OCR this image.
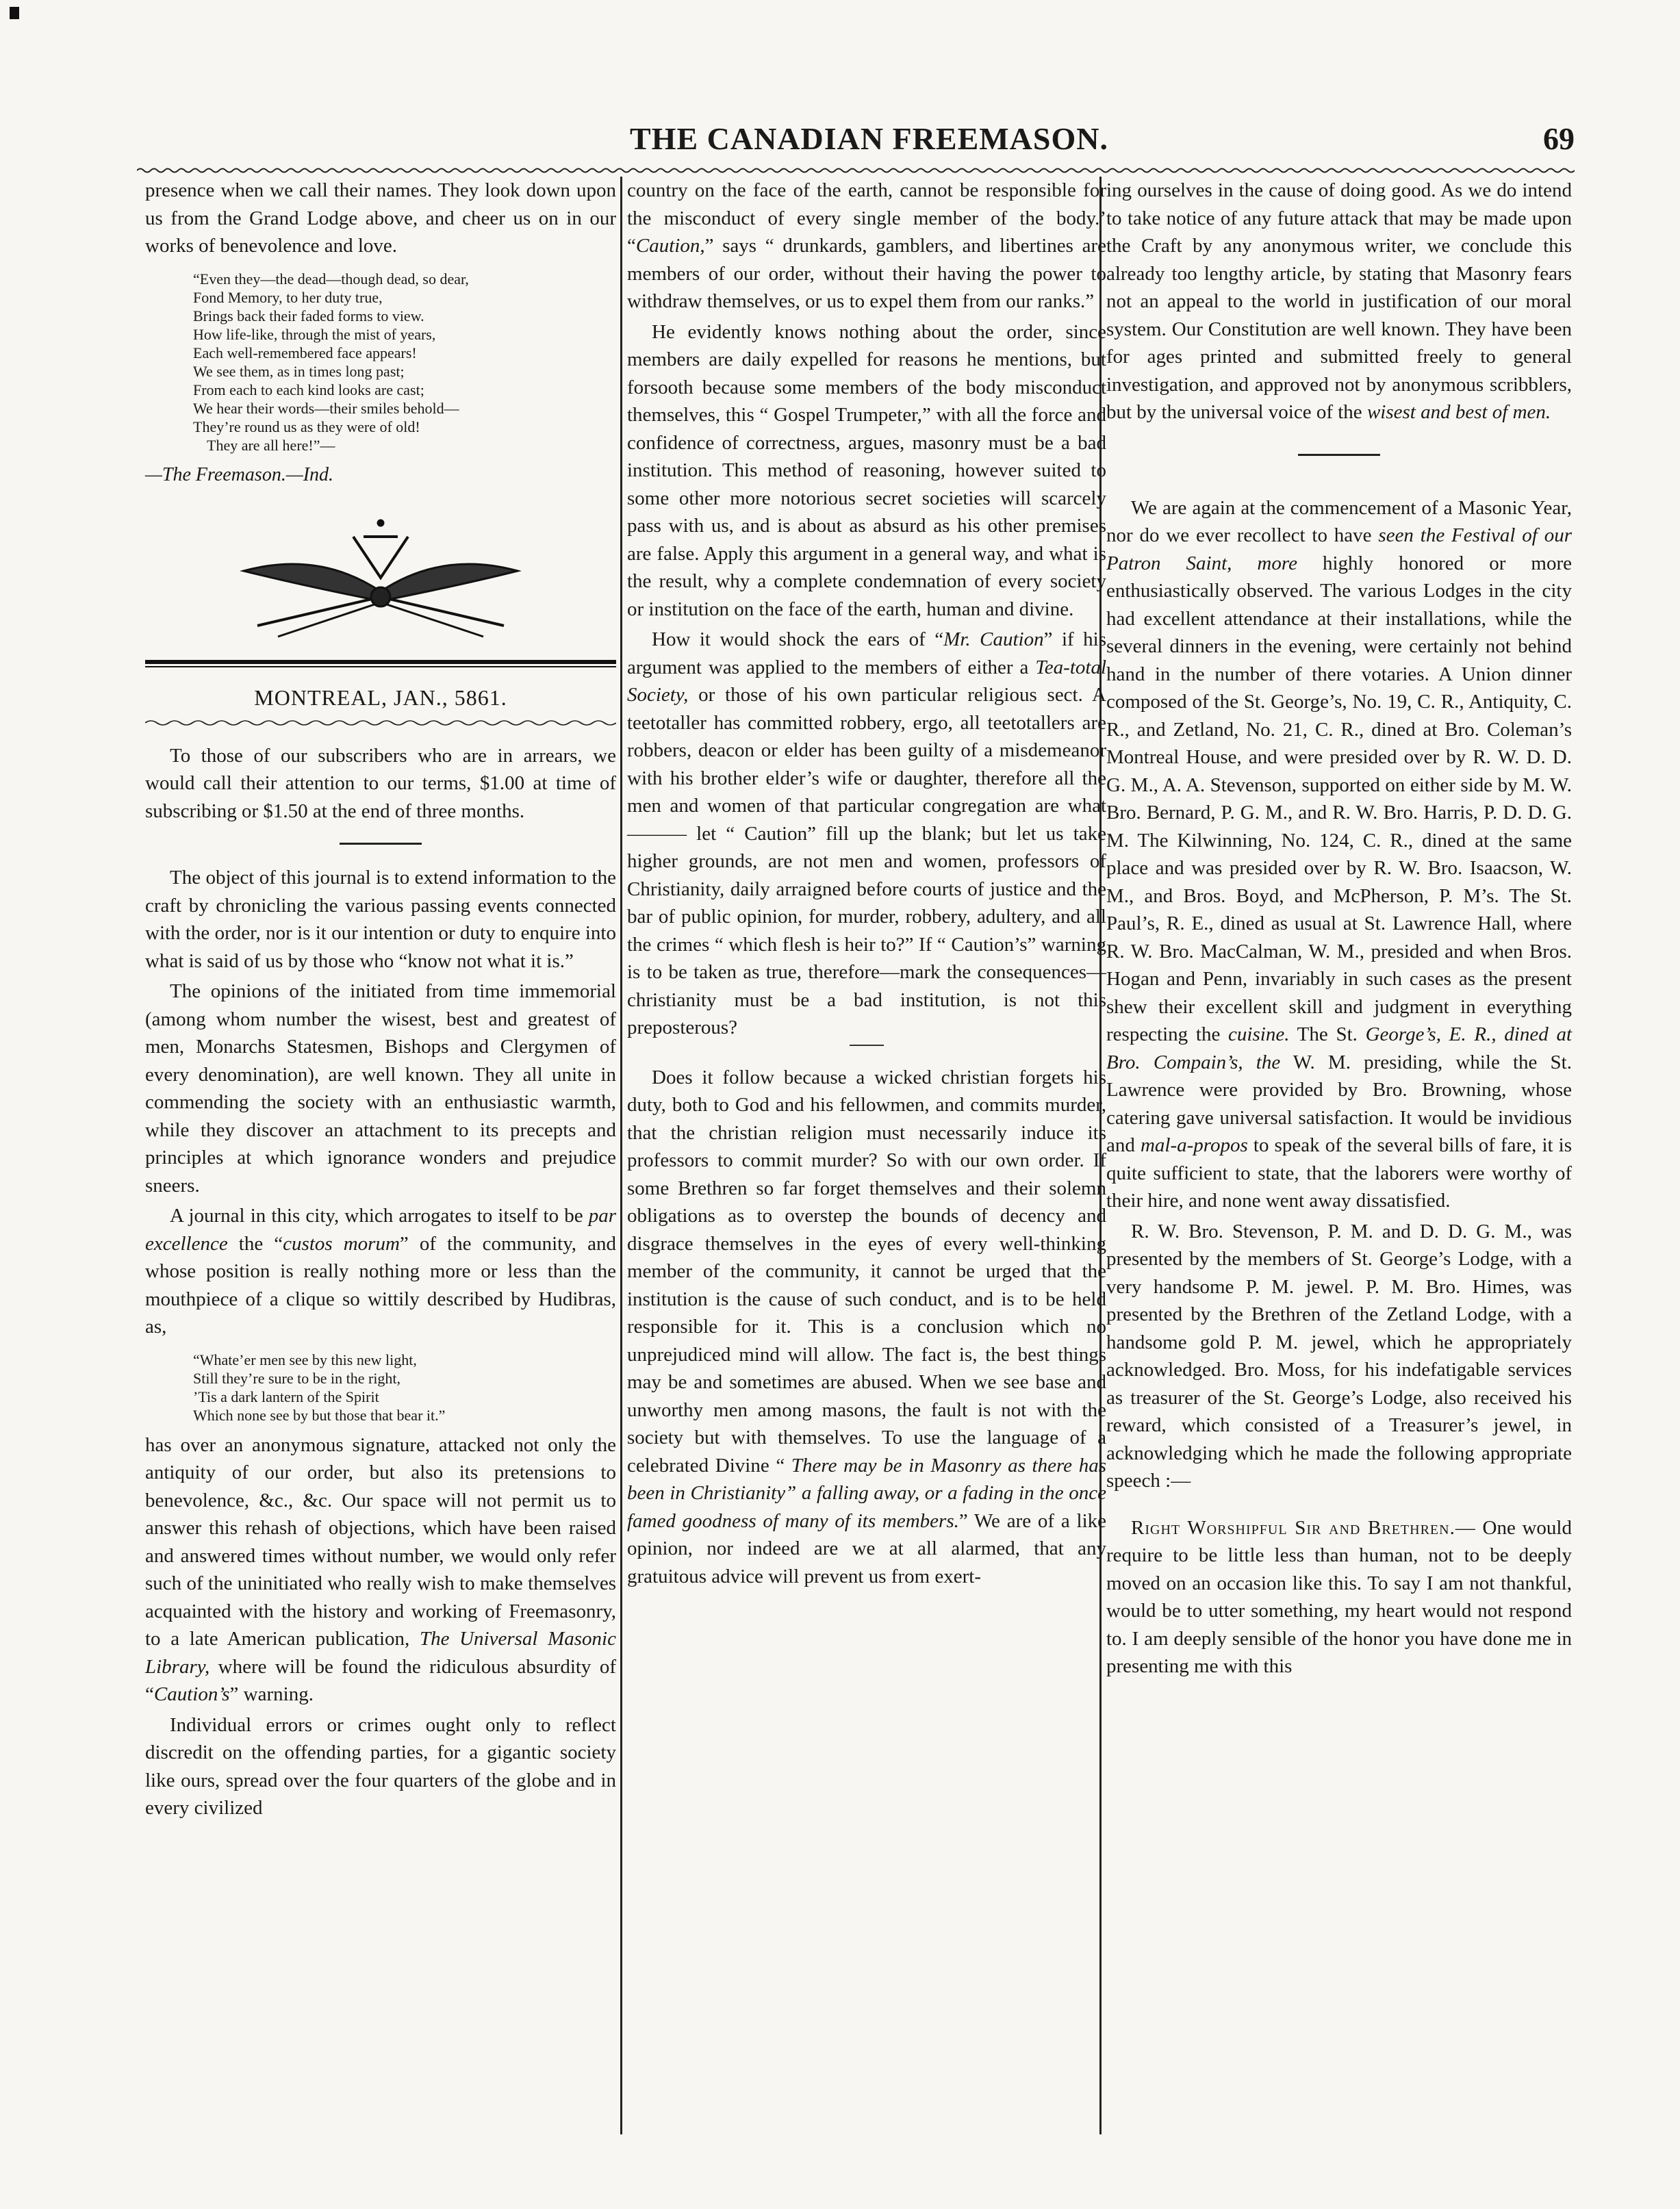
THE CANADIAN FREEMASON.	69

presence when we call their names. They look down upon us from the Grand Lodge above, and cheer us on in our works of benevolence and love.

“Even they—the dead—though dead, so dear,
Fond Memory, to her duty true,
Brings back their faded forms to view.
How life-like, through the mist of years,
Each well-remembered face appears!
We see them, as in times long past;
From each to each kind looks are cast;
We hear their words—their smiles behold—
They’re round us as they were of old!
They are all here!”—
—The Freemason.—Ind.
MONTREAL, JAN., 5861.

To those of our subscribers who are in arrears, we would call their attention to our terms, $1.00 at time of subscribing or $1.50 at the end of three months.

The object of this journal is to extend information to the craft by chronicling the various passing events connected with the order, nor is it our intention or duty to enquire into what is said of us by those who “know not what it is.”

The opinions of the initiated from time immemorial (among whom number the wisest, best and greatest of men, Monarchs Statesmen, Bishops and Clergymen of every denomination), are well known. They all unite in commending the society with an enthusiastic warmth, while they discover an attachment to its precepts and principles at which ignorance wonders and prejudice sneers.

A journal in this city, which arrogates to itself to be par excellence the “custos morum” of the community, and whose position is really nothing more or less than the mouthpiece of a clique so wittily described by Hudibras, as,

“Whate’er men see by this new light,
Still they’re sure to be in the right,
’Tis a dark lantern of the Spirit
Which none see by but those that bear it.”

has over an anonymous signature, attacked not only the antiquity of our order, but also its pretensions to benevolence, &c., &c. Our space will not permit us to answer this rehash of objections, which have been raised and answered times without number, we would only refer such of the uninitiated who really wish to make themselves acquainted with the history and working of Freemasonry, to a late American publication, The Universal Masonic Library, where will be found the ridiculous absurdity of “Caution’s” warning.

Individual errors or crimes ought only to reflect discredit on the offending parties, for a gigantic society like ours, spread over the four quarters of the globe and in every civilized

country on the face of the earth, cannot be responsible for the misconduct of every single member of the body.’ “Caution,” says “ drunkards, gamblers, and libertines are members of our order, without their having the power to withdraw themselves, or us to expel them from our ranks.”

He evidently knows nothing about the order, since members are daily expelled for reasons he mentions, but forsooth because some members of the body misconduct themselves, this “ Gospel Trumpeter,” with all the force and confidence of correctness, argues, masonry must be a bad institution. This method of reasoning, however suited to some other more notorious secret societies will scarcely pass with us, and is about as absurd as his other premises are false. Apply this argument in a general way, and what is the result, why a complete condemnation of every society or institution on the face of the earth, human and divine.

How it would shock the ears of “Mr. Caution” if his argument was applied to the members of either a Tea-total Society, or those of his own particular religious sect. A teetotaller has committed robbery, ergo, all teetotallers are robbers, deacon or elder has been guilty of a misdemeanor with his brother elder’s wife or daughter, therefore all the men and women of that particular congregation are what ——— let “ Caution” fill up the blank; but let us take higher grounds, are not men and women, professors of Christianity, daily arraigned before courts of justice and the bar of public opinion, for murder, robbery, adultery, and all the crimes “ which flesh is heir to?” If “ Caution’s” warning is to be taken as true, therefore—mark the consequences—christianity must be a bad institution, is not this preposterous?

Does it follow because a wicked christian forgets his duty, both to God and his fellowmen, and commits murder, that the christian religion must necessarily induce its professors to commit murder? So with our own order. If some Brethren so far forget themselves and their solemn obligations as to overstep the bounds of decency and disgrace themselves in the eyes of every well-thinking member of the community, it cannot be urged that the institution is the cause of such conduct, and is to be held responsible for it. This is a conclusion which no unprejudiced mind will allow. The fact is, the best things may be and sometimes are abused. When we see base and unworthy men among masons, the fault is not with the society but with themselves. To use the language of a celebrated Divine “ There may be in Masonry as there has been in Christianity” a falling away, or a fading in the once famed goodness of many of its members.” We are of a like opinion, nor indeed are we at all alarmed, that any gratuitous advice will prevent us from exert-

ing ourselves in the cause of doing good. As we do intend to take notice of any future attack that may be made upon the Craft by any anonymous writer, we conclude this already too lengthy article, by stating that Masonry fears not an appeal to the world in justification of our moral system. Our Constitution are well known. They have been for ages printed and submitted freely to general investigation, and approved not by anonymous scribblers, but by the universal voice of the wisest and best of men.

We are again at the commencement of a Masonic Year, nor do we ever recollect to have seen the Festival of our Patron Saint, more highly honored or more enthusiastically observed. The various Lodges in the city had excellent attendance at their installations, while the several dinners in the evening, were certainly not behind hand in the number of there votaries. A Union dinner composed of the St. George’s, No. 19, C. R., Antiquity, C. R., and Zetland, No. 21, C. R., dined at Bro. Coleman’s Montreal House, and were presided over by R. W. D. D. G. M., A. A. Stevenson, supported on either side by M. W. Bro. Bernard, P. G. M., and R. W. Bro. Harris, P. D. D. G. M. The Kilwinning, No. 124, C. R., dined at the same place and was presided over by R. W. Bro. Isaacson, W. M., and Bros. Boyd, and McPherson, P. M’s. The St. Paul’s, R. E., dined as usual at St. Lawrence Hall, where R. W. Bro. MacCalman, W. M., presided and when Bros. Hogan and Penn, invariably in such cases as the present shew their excellent skill and judgment in everything respecting the cuisine. The St. George’s, E. R., dined at Bro. Compain’s, the W. M. presiding, while the St. Lawrence were provided by Bro. Browning, whose catering gave universal satisfaction. It would be invidious and mal-a-propos to speak of the several bills of fare, it is quite sufficient to state, that the laborers were worthy of their hire, and none went away dissatisfied.

R. W. Bro. Stevenson, P. M. and D. D. G. M., was presented by the members of St. George’s Lodge, with a very handsome P. M. jewel. P. M. Bro. Himes, was presented by the Brethren of the Zetland Lodge, with a handsome gold P. M. jewel, which he appropriately acknowledged. Bro. Moss, for his indefatigable services as treasurer of the St. George’s Lodge, also received his reward, which consisted of a Treasurer’s jewel, in acknowledging which he made the following appropriate speech :—

Right Worshipful Sir and Brethren.— One would require to be little less than human, not to be deeply moved on an occasion like this. To say I am not thankful, would be to utter something, my heart would not respond to. I am deeply sensible of the honor you have done me in presenting me with this
